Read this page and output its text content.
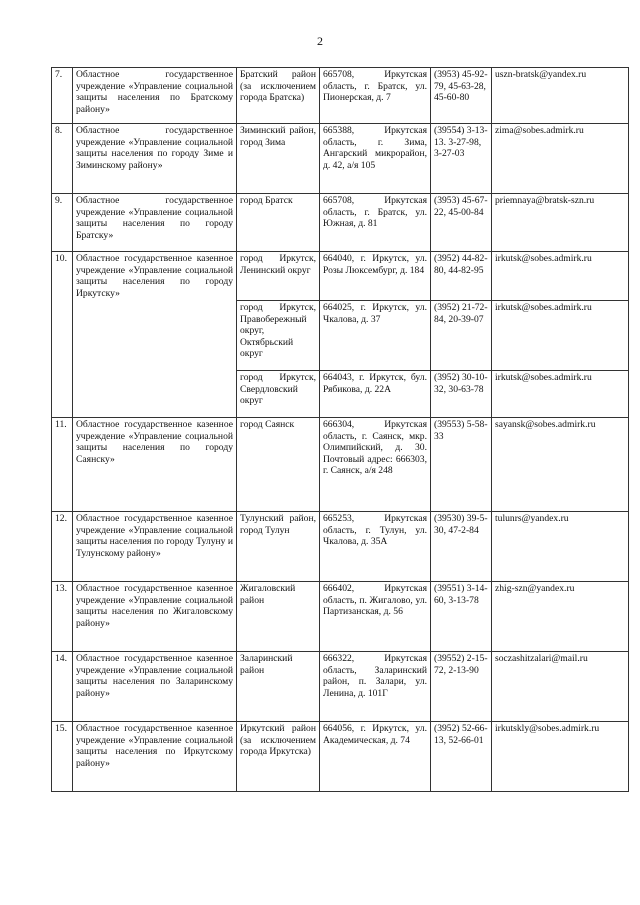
2
7.	Областное государственное учреждение «Управление социальной защиты населения по Братскому району»	Братский район (за исключением города Братска)	665708, Иркутская область, г. Братск, ул. Пионерская, д. 7	(3953) 45-92-79, 45-63-28, 45-60-80	uszn-bratsk@yandex.ru
8.	Областное государственное учреждение «Управление социальной защиты населения по городу Зиме и Зиминскому району»	Зиминский район, город Зима	665388, Иркутская область, г. Зима, Ангарский микрорайон, д. 42, а/я 105	(39554) 3-13-13. 3-27-98, 3-27-03	zima@sobes.admirk.ru
9.	Областное государственное учреждение «Управление социальной защиты населения по городу Братску»	город Братск	665708, Иркутская область, г. Братск, ул. Южная, д. 81	(3953) 45-67-22, 45-00-84	priemnaya@bratsk-szn.ru
10.	Областное государственное казенное учреждение «Управление социальной защиты населения по городу Иркутску»	город Иркутск, Ленинский округ	664040, г. Иркутск, ул. Розы Люксембург, д. 184	(3952) 44-82-80, 44-82-95	irkutsk@sobes.admirk.ru
		город Иркутск, Правобережный округ, Октябрьский округ	664025, г. Иркутск, ул. Чкалова, д. 37	(3952) 21-72-84, 20-39-07	irkutsk@sobes.admirk.ru
		город Иркутск, Свердловский округ	664043, г. Иркутск, бул. Рябикова, д. 22А	(3952) 30-10-32, 30-63-78	irkutsk@sobes.admirk.ru
11.	Областное государственное казенное учреждение «Управление социальной защиты населения по городу Саянску»	город Саянск	666304, Иркутская область, г. Саянск, мкр. Олимпийский, д. 30. Почтовый адрес: 666303, г. Саянск, а/я 248	(39553) 5-58-33	sayansk@sobes.admirk.ru
12.	Областное государственное казенное учреждение «Управление социальной защиты населения по городу Тулуну и Тулунскому району»	Тулунский район, город Тулун	665253, Иркутская область, г. Тулун, ул. Чкалова, д. 35А	(39530) 39-5-30, 47-2-84	tulunrs@yandex.ru
13.	Областное государственное казенное учреждение «Управление социальной защиты населения по Жигаловскому району»	Жигаловский район	666402, Иркутская область, п. Жигалово, ул. Партизанская, д. 56	(39551) 3-14-60, 3-13-78	zhig-szn@yandex.ru
14.	Областное государственное казенное учреждение «Управление социальной защиты населения по Заларинскому району»	Заларинский район	666322, Иркутская область, Заларинский район, п. Залари, ул. Ленина, д. 101Г	(39552) 2-15-72, 2-13-90	soczashitzalari@mail.ru
15.	Областное государственное казенное учреждение «Управление социальной защиты населения по Иркутскому району»	Иркутский район (за исключением города Иркутска)	664056, г. Иркутск, ул. Академическая, д. 74	(3952) 52-66-13, 52-66-01	irkutskly@sobes.admirk.ru
